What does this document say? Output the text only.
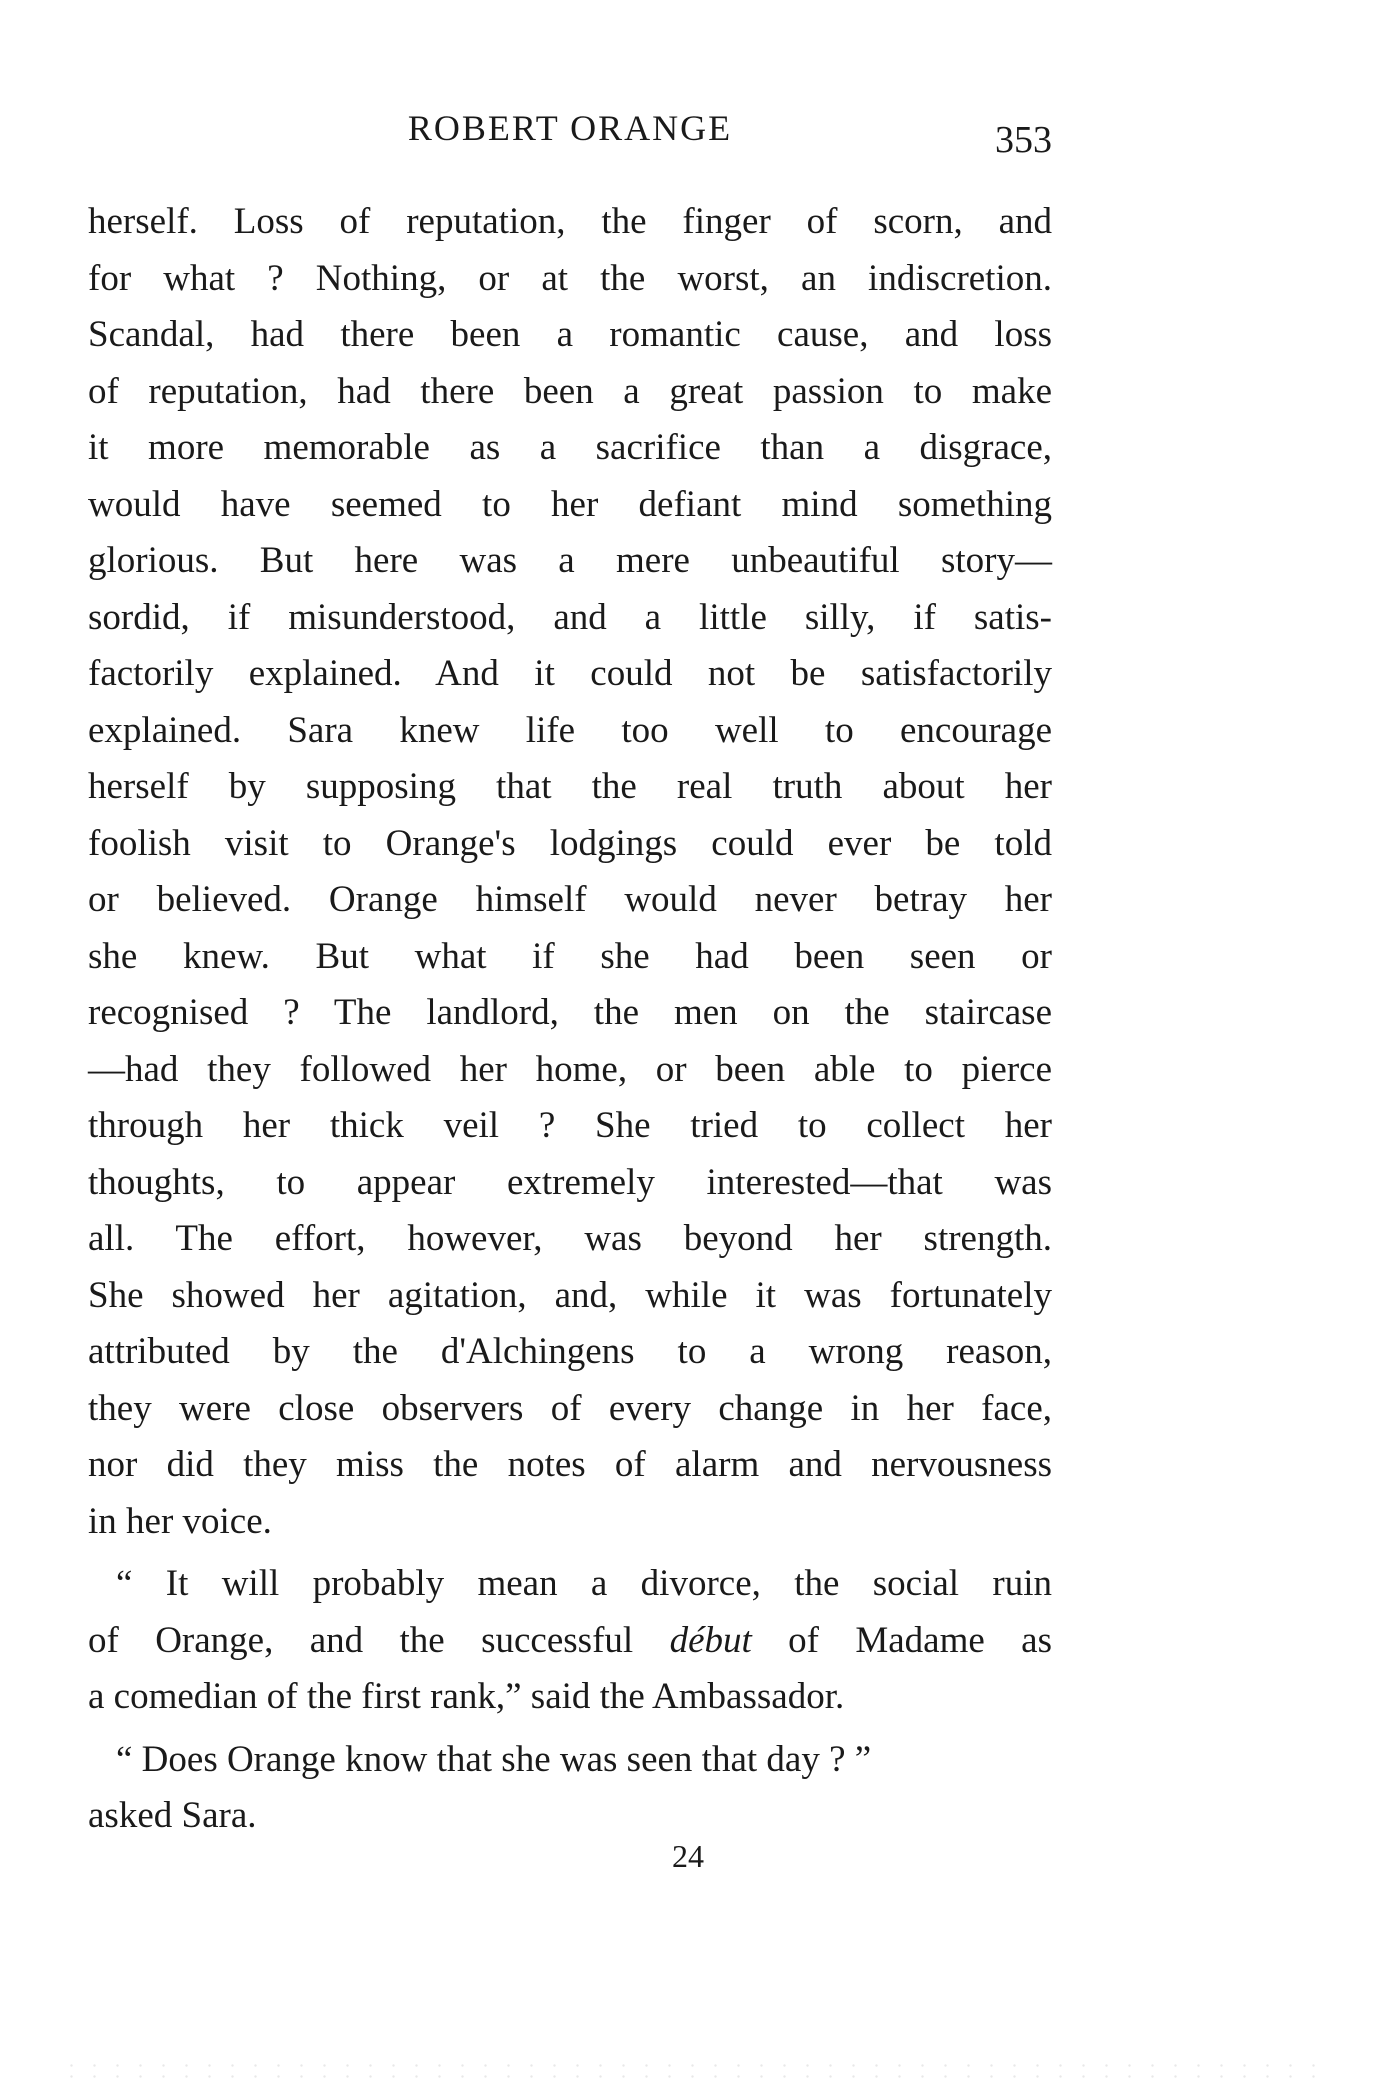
ROBERT ORANGE	353
herself. Loss of reputation, the finger of scorn, and
for what ? Nothing, or at the worst, an indiscretion.
Scandal, had there been a romantic cause, and loss
of reputation, had there been a great passion to make
it more memorable as a sacrifice than a disgrace,
would have seemed to her defiant mind something
glorious. But here was a mere unbeautiful story—
sordid, if misunderstood, and a little silly, if satis-
factorily explained. And it could not be satisfactorily
explained. Sara knew life too well to encourage
herself by supposing that the real truth about her
foolish visit to Orange's lodgings could ever be told
or believed. Orange himself would never betray her
she knew. But what if she had been seen or
recognised ? The landlord, the men on the staircase
—had they followed her home, or been able to pierce
through her thick veil ? She tried to collect her
thoughts, to appear extremely interested—that was
all. The effort, however, was beyond her strength.
She showed her agitation, and, while it was fortunately
attributed by the d'Alchingens to a wrong reason,
they were close observers of every change in her face,
nor did they miss the notes of alarm and nervousness
in her voice.
“ It will probably mean a divorce, the social ruin
of Orange, and the successful début of Madame as
a comedian of the first rank,” said the Ambassador.
“ Does Orange know that she was seen that day ? ”
asked Sara.
24
